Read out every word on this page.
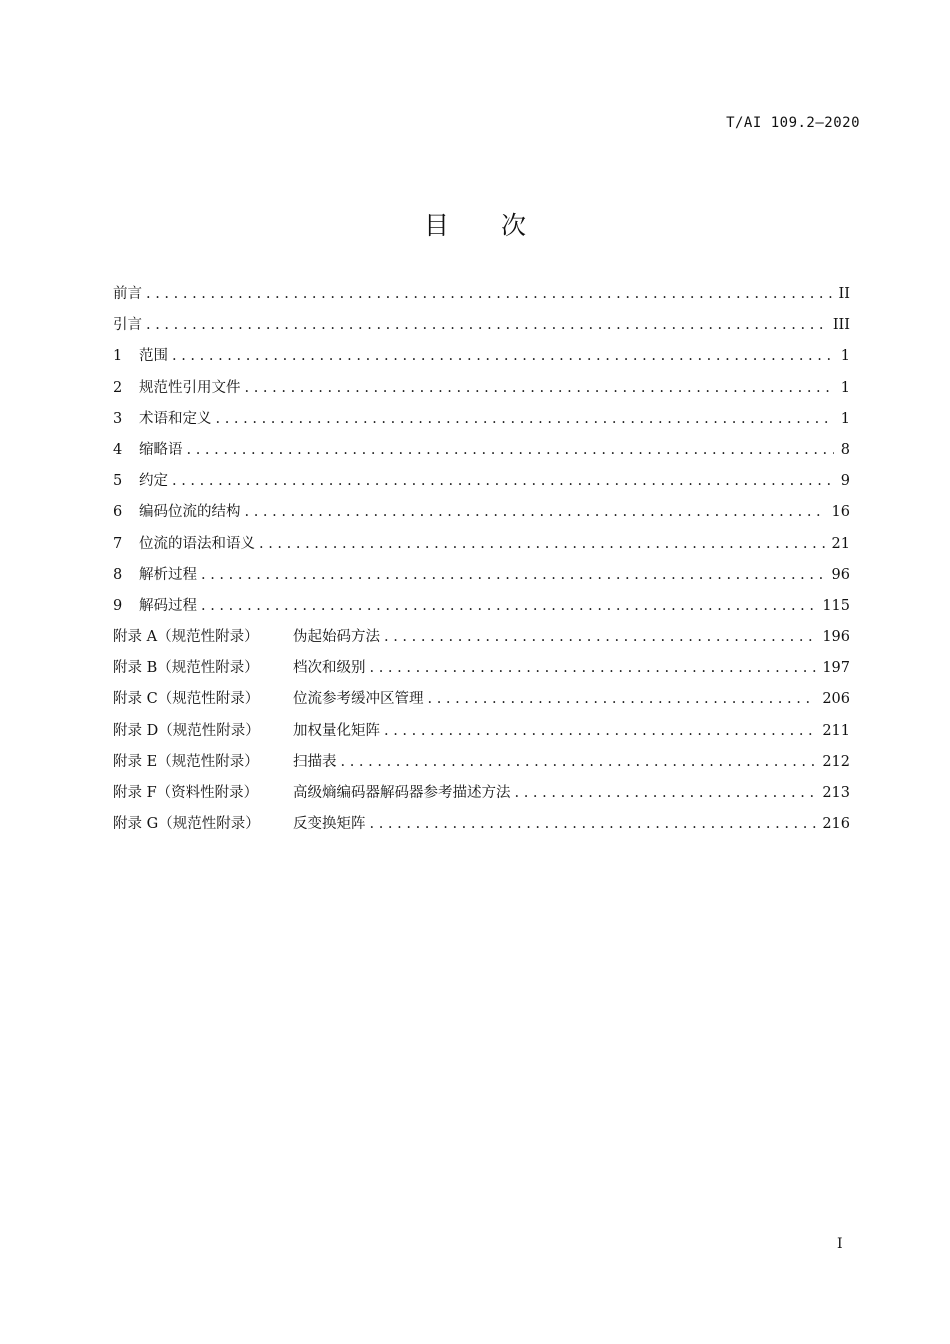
T/AI 109.2—2020
目 次
前言 . . .	II
引言 . . .	III
1	范围 . . .	1
2	规范性引用文件 . . .	1
3	术语和定义 . . .	1
4	缩略语 . . .	8
5	约定 . . .	9
6	编码位流的结构 . . .	16
7	位流的语法和语义 . . .	21
8	解析过程 . . .	96
9	解码过程 . . .	115
附录 A（规范性附录）	伪起始码方法 . . .	196
附录 B（规范性附录）	档次和级别 . . .	197
附录 C（规范性附录）	位流参考缓冲区管理 . . .	206
附录 D（规范性附录）	加权量化矩阵 . . .	211
附录 E（规范性附录）	扫描表 . . .	212
附录 F（资料性附录）	高级熵编码器解码器参考描述方法 . . .	213
附录 G（规范性附录）	反变换矩阵 . . .	216
I
